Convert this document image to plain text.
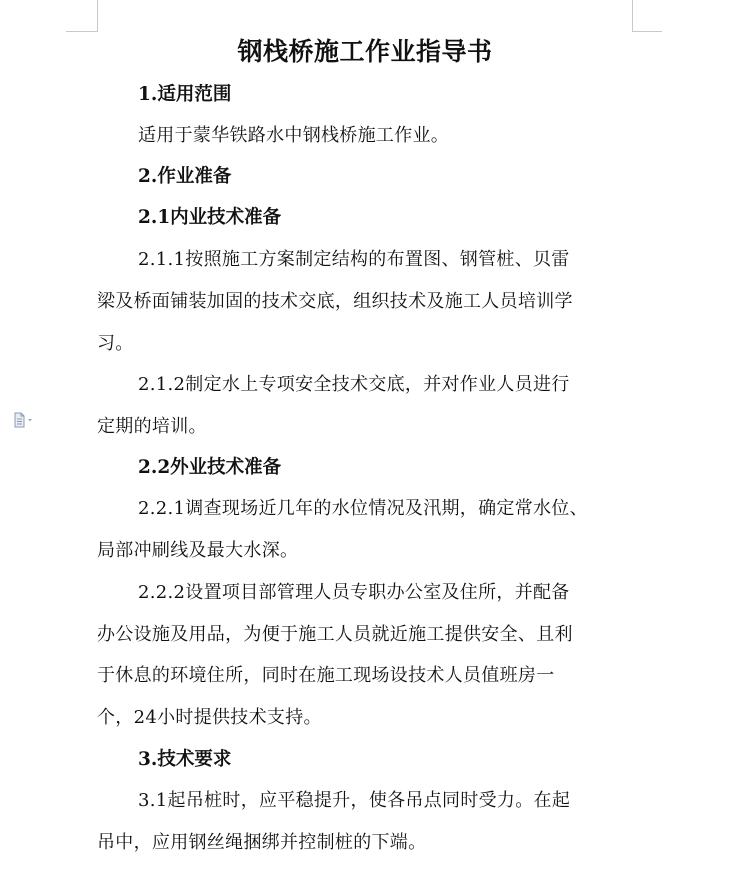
钢栈桥施工作业指导书
1.适用范围
适用于蒙华铁路水中钢栈桥施工作业。
2.作业准备
2.1内业技术准备
2.1.1按照施工方案制定结构的布置图、钢管桩、贝雷
梁及桥面铺装加固的技术交底，组织技术及施工人员培训学
习。
2.1.2制定水上专项安全技术交底，并对作业人员进行
定期的培训。
2.2外业技术准备
2.2.1调查现场近几年的水位情况及汛期，确定常水位、
局部冲刷线及最大水深。
2.2.2设置项目部管理人员专职办公室及住所，并配备
办公设施及用品，为便于施工人员就近施工提供安全、且利
于休息的环境住所，同时在施工现场设技术人员值班房一
个，24小时提供技术支持。
3.技术要求
3.1起吊桩时，应平稳提升，使各吊点同时受力。在起
吊中，应用钢丝绳捆绑并控制桩的下端。
